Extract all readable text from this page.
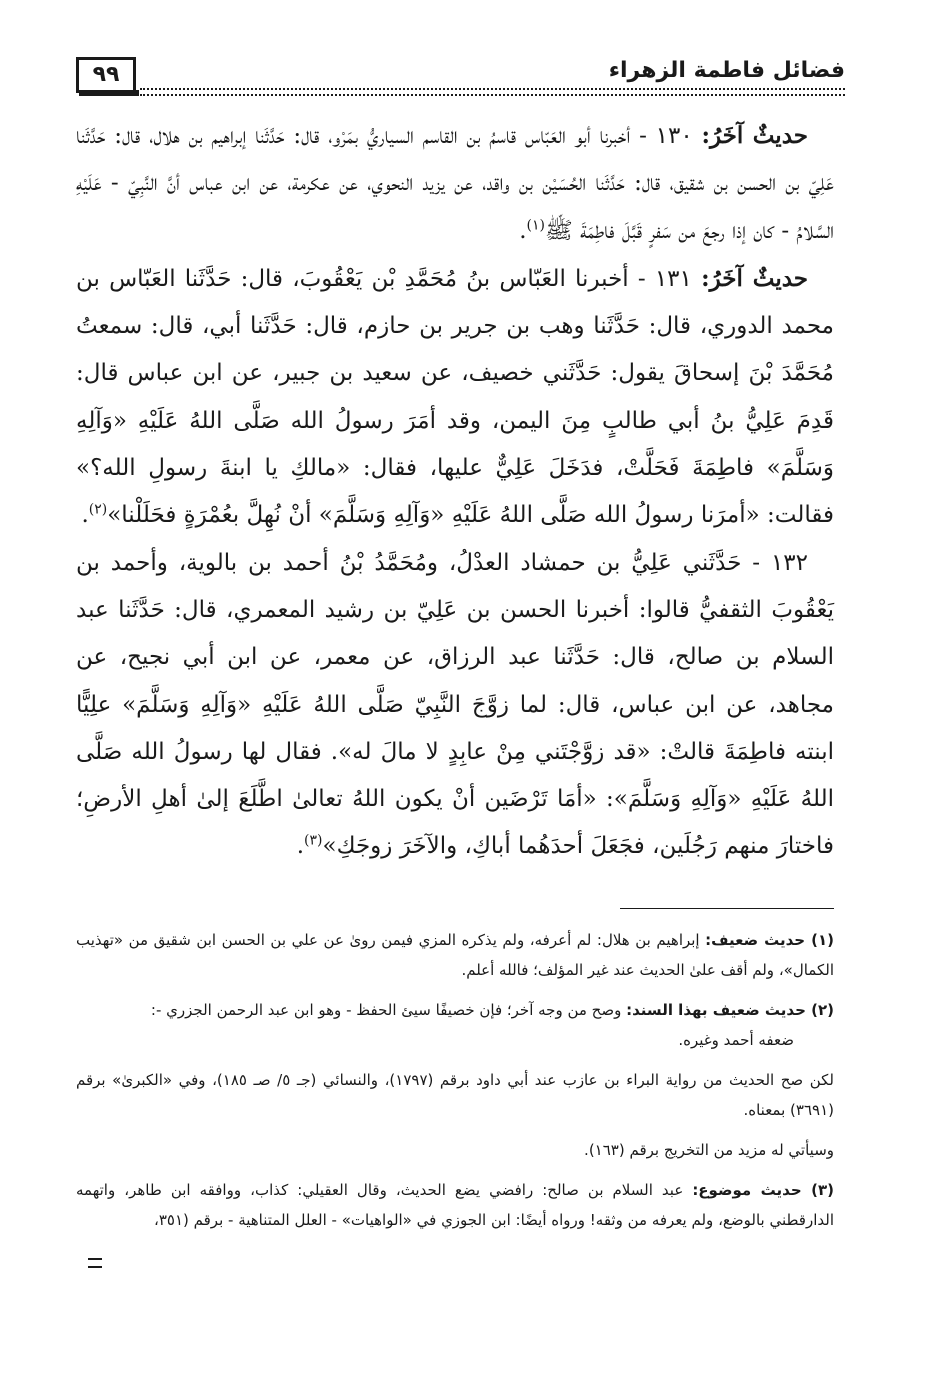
فضائل فاطمة الزهراء
٩٩

حديثٌ آخَرُ: ١٣٠ - أخبرنا أبو العَبّاس قاسمُ بن القاسم السياريُّ بمَرْو، قال: حَدَّثَنا إبراهيم بن هلال، قال: حَدَّثَنا عَلِيّ بن الحسن بن شقيق، قال: حَدَّثَنا الحُسَيْن بن واقد، عن يزيد النحوي، عن عكرمة، عن ابن عباس أنَّ النَّبِيّ - عَلَيْهِ السَّلامُ - كان إذا رجعَ من سَفرٍ قَبَّلَ فاطِمَةَ ﷺ$^{(١)}$.

حديثٌ آخَرُ: ١٣١ - أخبرنا العَبّاس بنُ مُحَمَّدِ بْن يَعْقُوبَ، قال: حَدَّثَنا العَبّاس بن محمد الدوري، قال: حَدَّثَنا وهب بن جرير بن حازم، قال: حَدَّثَنا أبي، قال: سمعتُ مُحَمَّدَ بْنَ إسحاقَ يقول: حَدَّثَني خصيف، عن سعيد بن جبير، عن ابن عباس قال: قَدِمَ عَلِيُّ بنُ أبي طالبٍ مِنَ اليمن، وقد أمَرَ رسولُ الله صَلَّى اللهُ عَلَيْهِ «وَآلِهِ وَسَلَّمَ» فاطِمَةَ فَحَلَّتْ، فدَخَلَ عَلِيٌّ عليها، فقال: «مالكِ يا ابنةَ رسولِ الله؟» فقالت: «أمرَنا رسولُ الله صَلَّى اللهُ عَلَيْهِ «وَآلِهِ وَسَلَّمَ» أنْ نُهِلَّ بعُمْرَةٍ فحَلَلْنا»$^{(٢)}$.

١٣٢ - حَدَّثَني عَلِيُّ بن حمشاد العدْلُ، ومُحَمَّدُ بْنُ أحمد بن بالوية، وأحمد بن يَعْقُوبَ الثقفيُّ قالوا: أخبرنا الحسن بن عَلِيّ بن رشيد المعمري، قال: حَدَّثَنا عبد السلام بن صالح، قال: حَدَّثَنا عبد الرزاق، عن معمر، عن ابن أبي نجيح، عن مجاهد، عن ابن عباس، قال: لما زوَّجَ النَّبِيّ صَلَّى اللهُ عَلَيْهِ «وَآلِهِ وَسَلَّمَ» علِيًّا ابنته فاطِمَةَ قالتْ: «قد زوَّجْتَني مِنْ عابِدٍ لا مالَ له». فقال لها رسولُ الله صَلَّى اللهُ عَلَيْهِ «وَآلِهِ وَسَلَّمَ»: «أمَا تَرْضَين أنْ يكون اللهُ تعالىٰ اطَّلَعَ إلىٰ أهلِ الأرضِ؛ فاختارَ منهم رَجُلَين، فجَعَلَ أحدَهُما أباكِ، والآخَرَ زوجَكِ»$^{(٣)}$.

(١) حديث ضعيف: إبراهيم بن هلال: لم أعرفه، ولم يذكره المزي فيمن روىٰ عن علي بن الحسن ابن شقيق من «تهذيب الكمال»، ولم أقف علىٰ الحديث عند غير المؤلف؛ فالله أعلم.

(٢) حديث ضعيف بهذا السند: وصح من وجه آخر؛ فإن خصيفًا سيئ الحفظ - وهو ابن عبد الرحمن الجزري -:
ضعفه أحمد وغيره.

لكن صح الحديث من رواية البراء بن عازب عند أبي داود برقم (١٧٩٧)، والنسائي (جـ ٥/ صـ ١٨٥)، وفي «الكبرىٰ» برقم (٣٦٩١) بمعناه.

وسيأتي له مزيد من التخريج برقم (١٦٣).

(٣) حديث موضوع: عبد السلام بن صالح: رافضي يضع الحديث، وقال العقيلي: كذاب، ووافقه ابن طاهر، واتهمه الدارقطني بالوضع، ولم يعرفه من وثقه! ورواه أيضًا: ابن الجوزي في «الواهيات» - العلل المتناهية - برقم (٣٥١،
